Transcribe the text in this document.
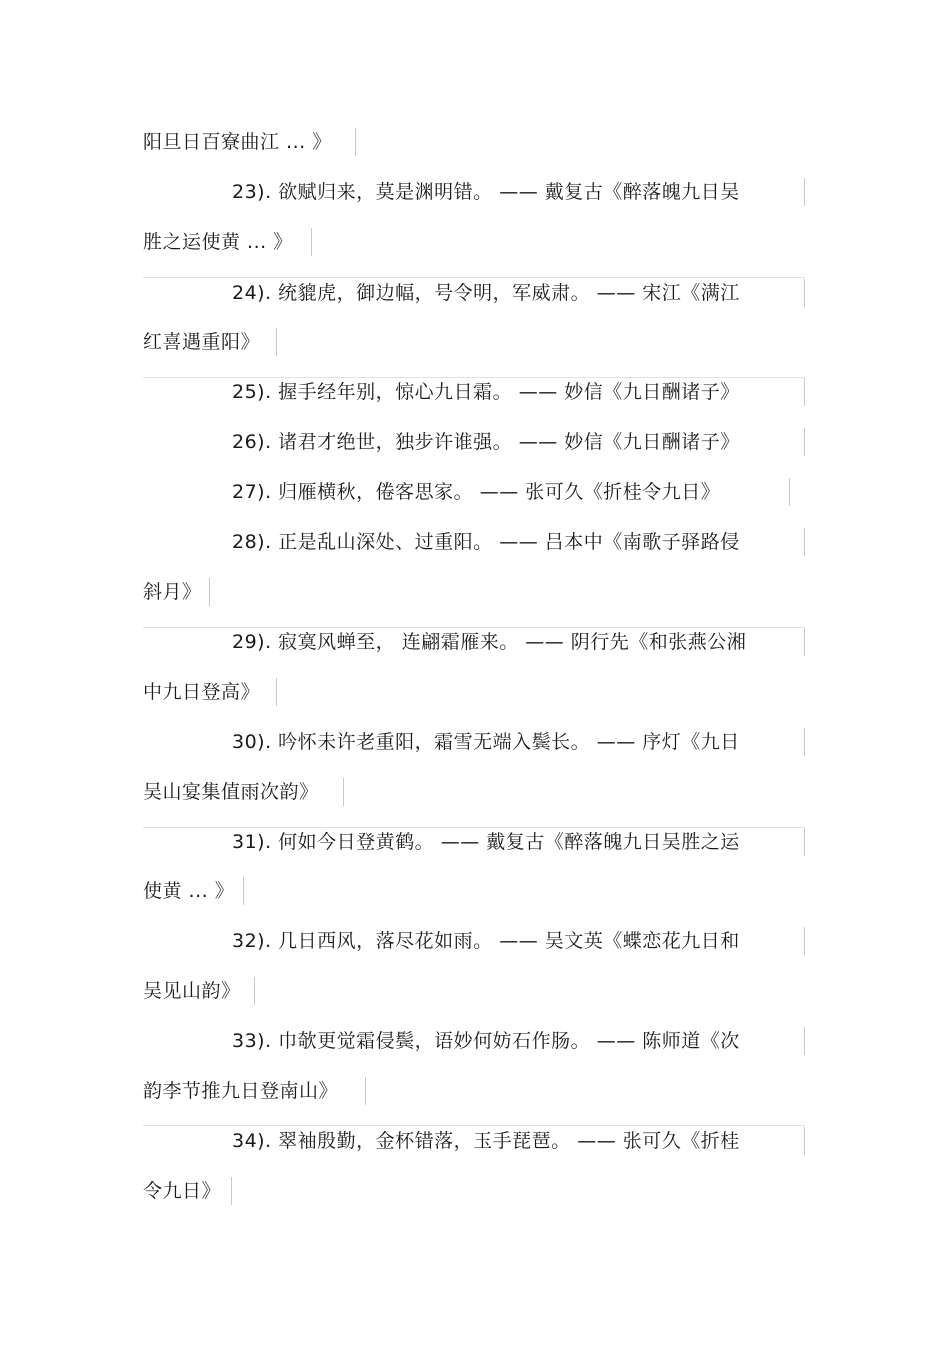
阳旦日百寮曲江 ... 》
23). 欲赋归来，莫是渊明错。 —— 戴复古《醉落魄九日吴
胜之运使黄 ... 》
24). 统貔虎，御边幅，号令明，军威肃。 —— 宋江《满江
红喜遇重阳》
25). 握手经年别，惊心九日霜。 —— 妙信《九日酬诸子》
26). 诸君才绝世，独步许谁强。 —— 妙信《九日酬诸子》
27). 归雁横秋，倦客思家。 —— 张可久《折桂令九日》
28). 正是乱山深处、过重阳。 —— 吕本中《南歌子驿路侵
斜月》
29). 寂寞风蝉至， 连翩霜雁来。 —— 阴行先《和张燕公湘
中九日登高》
30). 吟怀未许老重阳，霜雪无端入鬓长。 —— 序灯《九日
吴山宴集值雨次韵》
31). 何如今日登黄鹤。 —— 戴复古《醉落魄九日吴胜之运
使黄 ... 》
32). 几日西风，落尽花如雨。 —— 吴文英《蝶恋花九日和
吴见山韵》
33). 巾欹更觉霜侵鬓，语妙何妨石作肠。 —— 陈师道《次
韵李节推九日登南山》
34). 翠袖殷勤，金杯错落，玉手琵琶。 —— 张可久《折桂
令九日》
